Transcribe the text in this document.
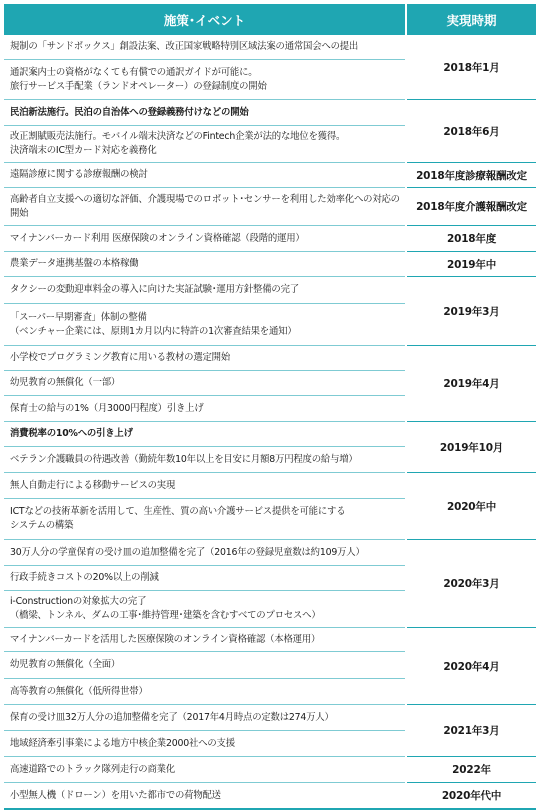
施策･イベント	実現時期
規制の「サンドボックス」創設法案、改正国家戦略特別区域法案の通常国会への提出
通訳案内士の資格がなくても有償での通訳ガイドが可能に。
旅行サービス手配業（ランドオペレーター）の登録制度の開始
民泊新法施行。民泊の自治体への登録義務付けなどの開始
改正割賦販売法施行。モバイル端末決済などのFintech企業が法的な地位を獲得。
決済端末のIC型カード対応を義務化
遠隔診療に関する診療報酬の検討
高齢者自立支援への適切な評価、介護現場でのロボット･センサーを利用した効率化への対応の開始
マイナンバーカード利用 医療保険のオンライン資格確認（段階的運用）
農業データ連携基盤の本格稼働
タクシーの変動迎車料金の導入に向けた実証試験･運用方針整備の完了
「スーパー早期審査」体制の整備
（ベンチャー企業には、原則1カ月以内に特許の1次審査結果を通知）
小学校でプログラミング教育に用いる教材の選定開始
幼児教育の無償化（一部）
保育士の給与の1%（月3000円程度）引き上げ
消費税率の10%への引き上げ
ベテラン介護職員の待遇改善（勤続年数10年以上を目安に月額8万円程度の給与増）
無人自動走行による移動サービスの実現
ICTなどの技術革新を活用して、生産性、質の高い介護サービス提供を可能にする
システムの構築
30万人分の学童保育の受け皿の追加整備を完了（2016年の登録児童数は約109万人）
行政手続きコストの20%以上の削減
i-Constructionの対象拡大の完了
（橋梁、トンネル、ダムの工事･維持管理･建築を含むすべてのプロセスへ）
マイナンバーカードを活用した医療保険のオンライン資格確認（本格運用）
幼児教育の無償化（全面）
高等教育の無償化（低所得世帯）
保育の受け皿32万人分の追加整備を完了（2017年4月時点の定数は274万人）
地域経済牽引事業による地方中核企業2000社への支援
高速道路でのトラック隊列走行の商業化
小型無人機（ドローン）を用いた都市での荷物配送
2018年1月
2018年6月
2018年度診療報酬改定
2018年度介護報酬改定
2018年度
2019年中
2019年3月
2019年4月
2019年10月
2020年中
2020年3月
2020年4月
2021年3月
2022年
2020年代中
